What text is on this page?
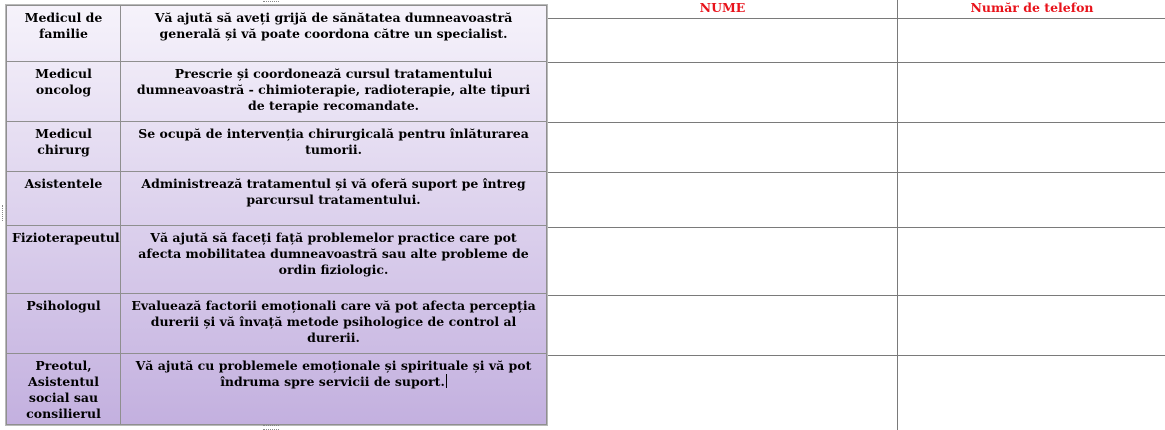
Medicul de familie	Vă ajută să aveți grijă de sănătatea dumneavoastră generală și vă poate coordona către un specialist.
Medicul oncolog	Prescrie și coordonează cursul tratamentului dumneavoastră - chimioterapie, radioterapie, alte tipuri de terapie recomandate.
Medicul chirurg	Se ocupă de intervenția chirurgicală pentru înlăturarea tumorii.
Asistentele	Administrează tratamentul și vă oferă suport pe întreg parcursul tratamentului.
Fizioterapeutul	Vă ajută să faceți față problemelor practice care pot afecta mobilitatea dumneavoastră sau alte probleme de ordin fiziologic.
Psihologul	Evaluează factorii emoționali care vă pot afecta percepția durerii și vă învață metode psihologice de control al durerii.
Preotul, Asistentul social sau consilierul	Vă ajută cu problemele emoționale și spirituale și vă pot îndruma spre servicii de suport.
NUME	Număr de telefon
